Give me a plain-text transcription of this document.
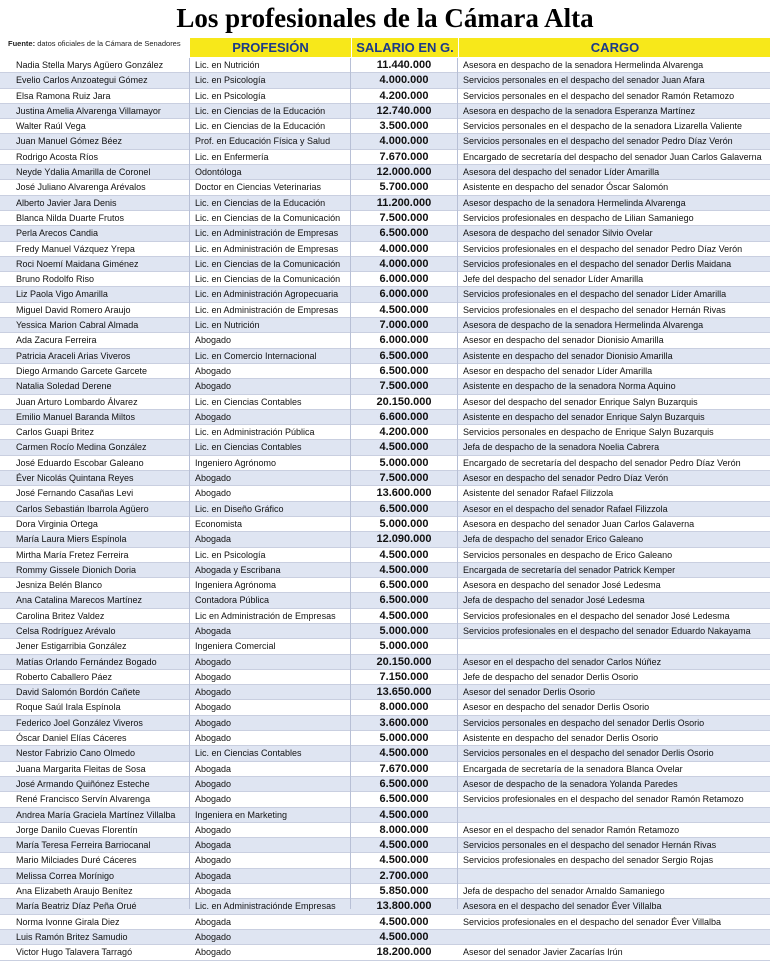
Los profesionales de la Cámara Alta
Fuente: datos oficiales de la Cámara de Senadores	PROFESIÓN	SALARIO EN G.	CARGO
Nadia Stella Marys Agüero González	Lic. en Nutrición	11.440.000	Asesora en despacho de la senadora Hermelinda Alvarenga
Evelio Carlos Anzoategui Gómez	Lic. en Psicología	4.000.000	Servicios personales en el despacho del senador Juan Afara
Elsa Ramona Ruiz Jara	Lic. en Psicología	4.200.000	Servicios personales en el despacho del senador Ramón Retamozo
Justina Amelia Alvarenga Villamayor	Lic. en Ciencias de la Educación	12.740.000	Asesora en despacho de la senadora Esperanza Martínez
Walter Raúl Vega	Lic. en Ciencias de la Educación	3.500.000	Servicios personales en el despacho de la senadora Lizarella Valiente
Juan Manuel Gómez Béez	Prof. en Educación Física y Salud	4.000.000	Servicios personales en el despacho del senador Pedro Díaz Verón
Rodrigo Acosta Ríos	Lic. en Enfermería	7.670.000	Encargado de secretaría del despacho del senador Juan Carlos Galaverna
Neyde Ydalia Amarilla de Coronel	Odontóloga	12.000.000	Asesora del despacho del senador Líder Amarilla
José Juliano Alvarenga Arévalos	Doctor en Ciencias Veterinarias	5.700.000	Asistente en despacho del senador Óscar Salomón
Alberto Javier Jara Denis	Lic. en Ciencias de la Educación	11.200.000	Asesor despacho de la senadora Hermelinda Alvarenga
Blanca Nilda Duarte Frutos	Lic. en Ciencias de la Comunicación	7.500.000	Servicios profesionales en despacho de Lilian Samaniego
Perla Arecos Candia	Lic. en Administración de Empresas	6.500.000	Asesora de despacho del senador Silvio Ovelar
Fredy Manuel Vázquez Yrepa	Lic. en Administración de Empresas	4.000.000	Servicios profesionales en el despacho del senador Pedro Díaz Verón
Roci Noemí Maidana Giménez	Lic. en Ciencias de la Comunicación	4.000.000	Servicios profesionales en el despacho del senador Derlis Maidana
Bruno Rodolfo Riso	Lic. en Ciencias de la Comunicación	6.000.000	Jefe del despacho del senador Líder Amarilla
Liz Paola Vigo Amarilla	Lic. en Administración Agropecuaria	6.000.000	Servicios profesionales en el despacho del senador Líder Amarilla
Miguel David Romero Araujo	Lic. en Administración de Empresas	4.500.000	Servicios profesionales en el despacho del senador Hernán Rivas
Yessica Marion Cabral Almada	Lic. en Nutrición	7.000.000	Asesora de despacho de la senadora Hermelinda Alvarenga
Ada Zacura Ferreira	Abogado	6.000.000	Asesor en despacho del senador Dionisio Amarilla
Patricia Araceli Arias Viveros	Lic. en Comercio Internacional	6.500.000	Asistente en despacho del senador Dionisio Amarilla
Diego Armando Garcete Garcete	Abogado	6.500.000	Asesor en despacho del senador Líder Amarilla
Natalia Soledad Derene	Abogado	7.500.000	Asistente en despacho de la senadora Norma Aquino
Juan Arturo Lombardo Álvarez	Lic. en Ciencias Contables	20.150.000	Asesor del despacho del senador Enrique Salyn Buzarquis
Emilio Manuel Baranda Miltos	Abogado	6.600.000	Asistente en despacho del senador Enrique Salyn Buzarquis
Carlos Guapi Britez	Lic. en Administración Pública	4.200.000	Servicios personales en despacho de Enrique Salyn Buzarquis
Carmen Rocío Medina González	Lic. en Ciencias Contables	4.500.000	Jefa de despacho de la senadora Noelia Cabrera
José Eduardo Escobar Galeano	Ingeniero Agrónomo	5.000.000	Encargado de secretaría del despacho del senador Pedro Díaz Verón
Éver Nicolás Quintana Reyes	Abogado	7.500.000	Asesor en despacho del senador Pedro Díaz Verón
José Fernando Casañas Levi	Abogado	13.600.000	Asistente del senador Rafael Filizzola
Carlos Sebastián Ibarrola Agüero	Lic. en Diseño Gráfico	6.500.000	Asesor en el despacho del senador Rafael Filizzola
Dora Virginia Ortega	Economista	5.000.000	Asesora en despacho del senador Juan Carlos Galaverna
María Laura Miers Espínola	Abogada	12.090.000	Jefa de despacho del senador Erico Galeano
Mirtha María Fretez Ferreira	Lic. en Psicología	4.500.000	Servicios personales en despacho de Erico Galeano
Rommy Gissele Dionich Doria	Abogada y Escribana	4.500.000	Encargada de secretaría del senador Patrick Kemper
Jesniza Belén Blanco	Ingeniera Agrónoma	6.500.000	Asesora en despacho del senador José Ledesma
Ana Catalina Marecos Martínez	Contadora Pública	6.500.000	Jefa de despacho del senador José Ledesma
Carolina Britez Valdez	Lic en Administración de Empresas	4.500.000	Servicios profesionales en el despacho del senador José Ledesma
Celsa Rodríguez Arévalo	Abogada	5.000.000	Servicios profesionales en el despacho del senador Eduardo Nakayama
Jener Estigarribia González	Ingeniera Comercial	5.000.000
Matías Orlando Fernández Bogado	Abogado	20.150.000	Asesor en el despacho del senador Carlos Núñez
Roberto Caballero Páez	Abogado	7.150.000	Jefe de despacho del senador Derlis Osorio
David Salomón Bordón Cañete	Abogado	13.650.000	Asesor del senador Derlis Osorio
Roque Saúl Irala Espínola	Abogado	8.000.000	Asesor en despacho del senador Derlis Osorio
Federico Joel González Viveros	Abogado	3.600.000	Servicios personales en despacho del senador Derlis Osorio
Óscar Daniel Elías Cáceres	Abogado	5.000.000	Asistente en despacho del senador Derlis Osorio
Nestor Fabrizio Cano Olmedo	Lic. en Ciencias Contables	4.500.000	Servicios personales en el despacho del senador Derlis Osorio
Juana Margarita Fleitas de Sosa	Abogada	7.670.000	Encargada de secretaría de la senadora Blanca Ovelar
José Armando Quiñónez Esteche	Abogado	6.500.000	Asesor de despacho de la senadora Yolanda Paredes
René Francisco Servín Alvarenga	Abogado	6.500.000	Servicios profesionales en el despacho del senador Ramón Retamozo
Andrea María Graciela Martínez Villalba	Ingeniera en Marketing	4.500.000
Jorge Danilo Cuevas Florentín	Abogado	8.000.000	Asesor en el despacho del senador Ramón Retamozo
María Teresa Ferreira Barriocanal	Abogada	4.500.000	Servicios personales en el despacho del senador Hernán Rivas
Mario Milciades Duré Cáceres	Abogado	4.500.000	Servicios profesionales en despacho del senador Sergio Rojas
Melissa Correa Morínigo	Abogada	2.700.000
Ana Elizabeth Araujo Benítez	Abogada	5.850.000	Jefa de despacho del senador Arnaldo Samaniego
María Beatriz Díaz Peña Orué	Lic. en Administraciónde Empresas	13.800.000	Asesora en el despacho del senador Éver Villalba
Norma Ivonne Girala Diez	Abogada	4.500.000	Servicios profesionales en el despacho del senador Éver Villalba
Luis Ramón Britez Samudio	Abogado	4.500.000
Victor Hugo Talavera Tarragó	Abogado	18.200.000	Asesor del senador Javier Zacarías Irún
